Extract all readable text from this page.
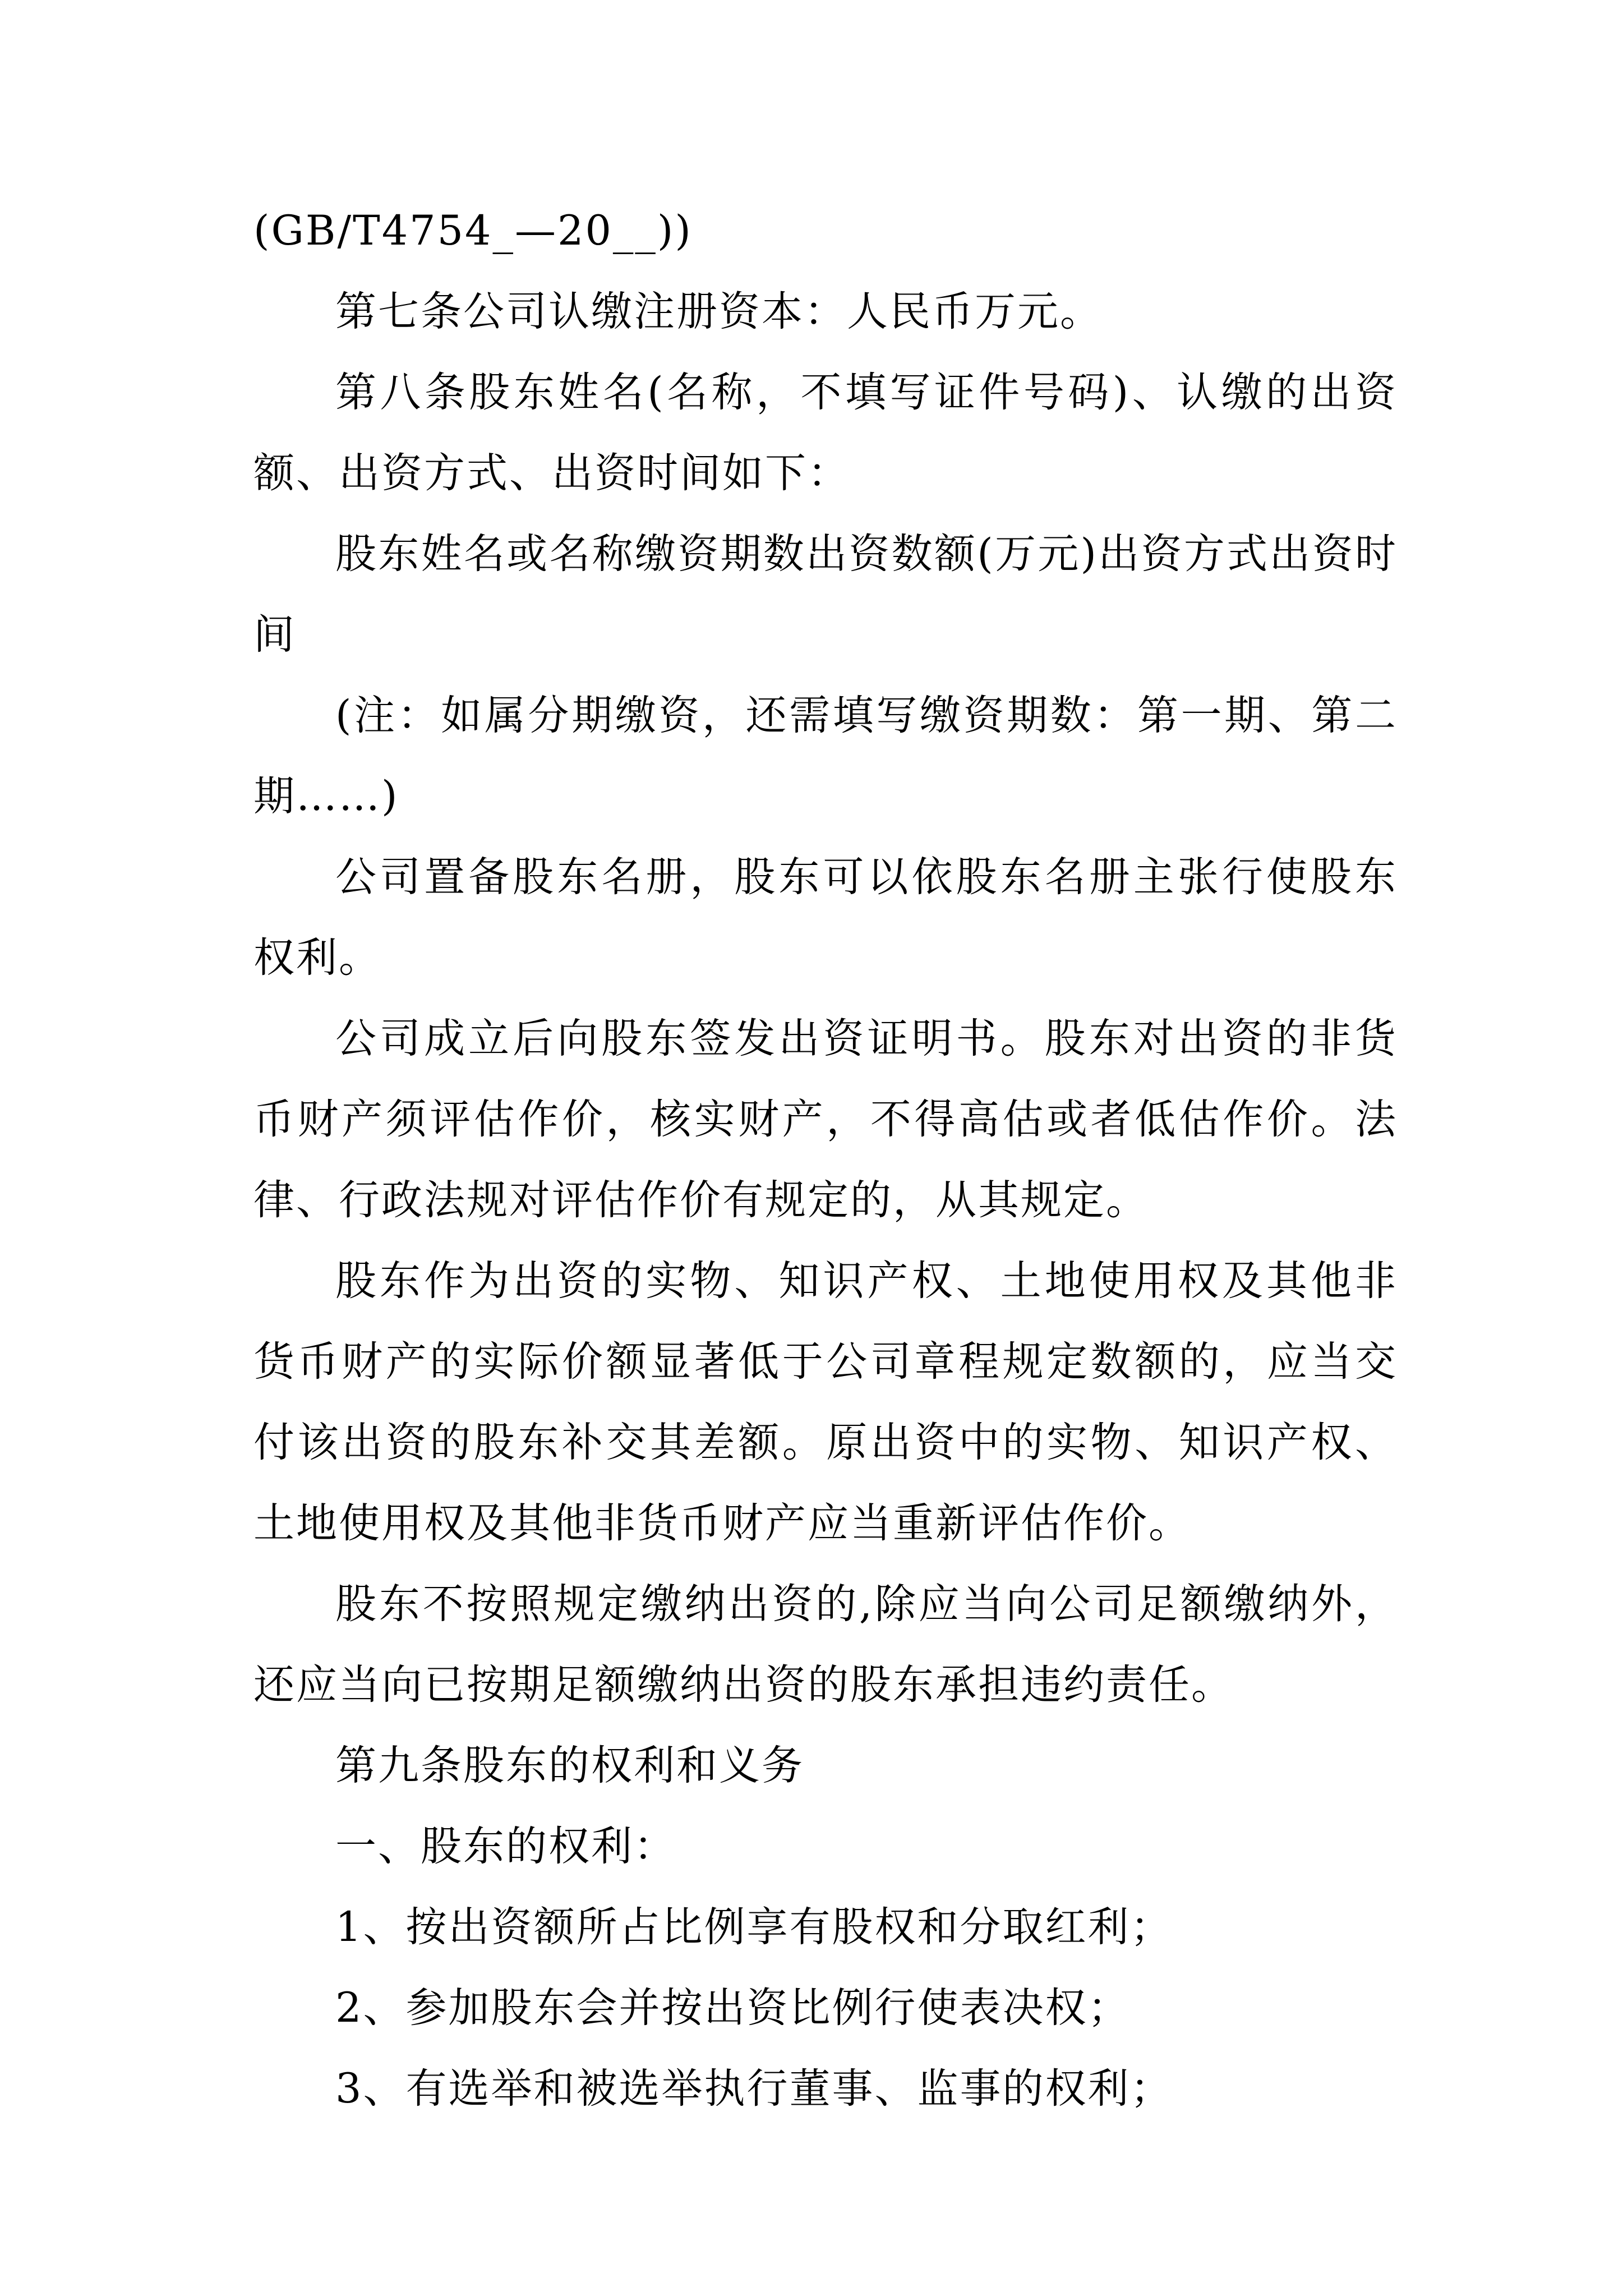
(GB/T4754_—20__))

第七条公司认缴注册资本：人民币万元。

第八条股东姓名(名称，不填写证件号码)、认缴的出资额、出资方式、出资时间如下：

股东姓名或名称缴资期数出资数额(万元)出资方式出资时间

(注：如属分期缴资，还需填写缴资期数：第一期、第二期……)

公司置备股东名册，股东可以依股东名册主张行使股东权利。

公司成立后向股东签发出资证明书。股东对出资的非货币财产须评估作价，核实财产，不得高估或者低估作价。法律、行政法规对评估作价有规定的，从其规定。

股东作为出资的实物、知识产权、土地使用权及其他非货币财产的实际价额显著低于公司章程规定数额的，应当交付该出资的股东补交其差额。原出资中的实物、知识产权、土地使用权及其他非货币财产应当重新评估作价。

股东不按照规定缴纳出资的,除应当向公司足额缴纳外，还应当向已按期足额缴纳出资的股东承担违约责任。

第九条股东的权利和义务

一、股东的权利：

1、按出资额所占比例享有股权和分取红利；

2、参加股东会并按出资比例行使表决权；

3、有选举和被选举执行董事、监事的权利；
